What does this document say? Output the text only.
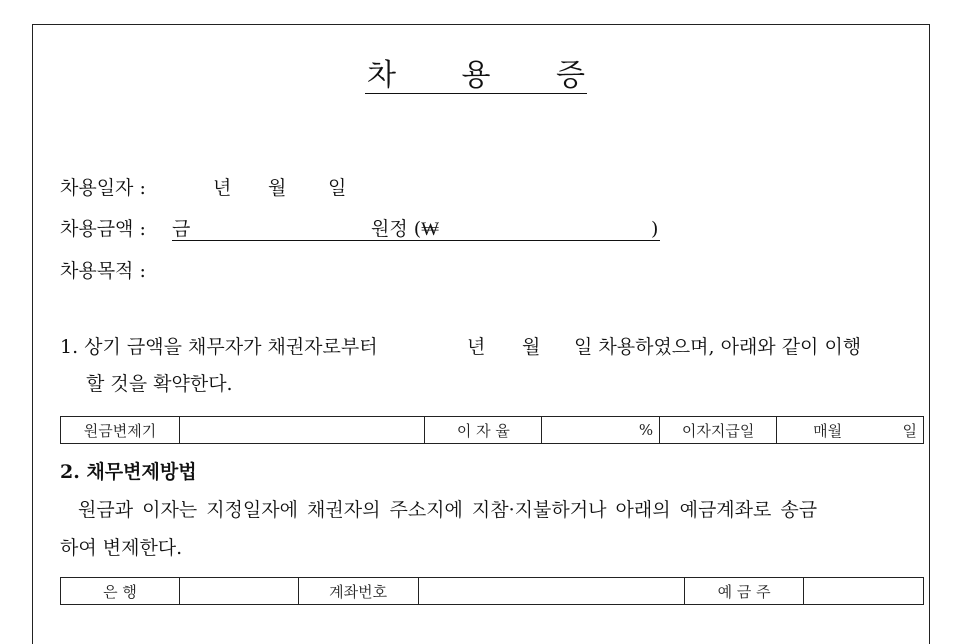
차 용 증
차용일자 :	년 월 일
차용금액 : 금	원정 (₩	)
차용목적 :
1. 상기 금액을 채무자가 채권자로부터	년 월 일 차용하였으며, 아래와 같이 이행
할 것을 확약한다.
원금변제기		이 자 율	%	이자지급일	매월	일
2. 채무변제방법
원금과 이자는 지정일자에 채권자의 주소지에 지참·지불하거나 아래의 예금계좌로 송금
하여 변제한다.
은 행		계좌번호		예 금 주	
